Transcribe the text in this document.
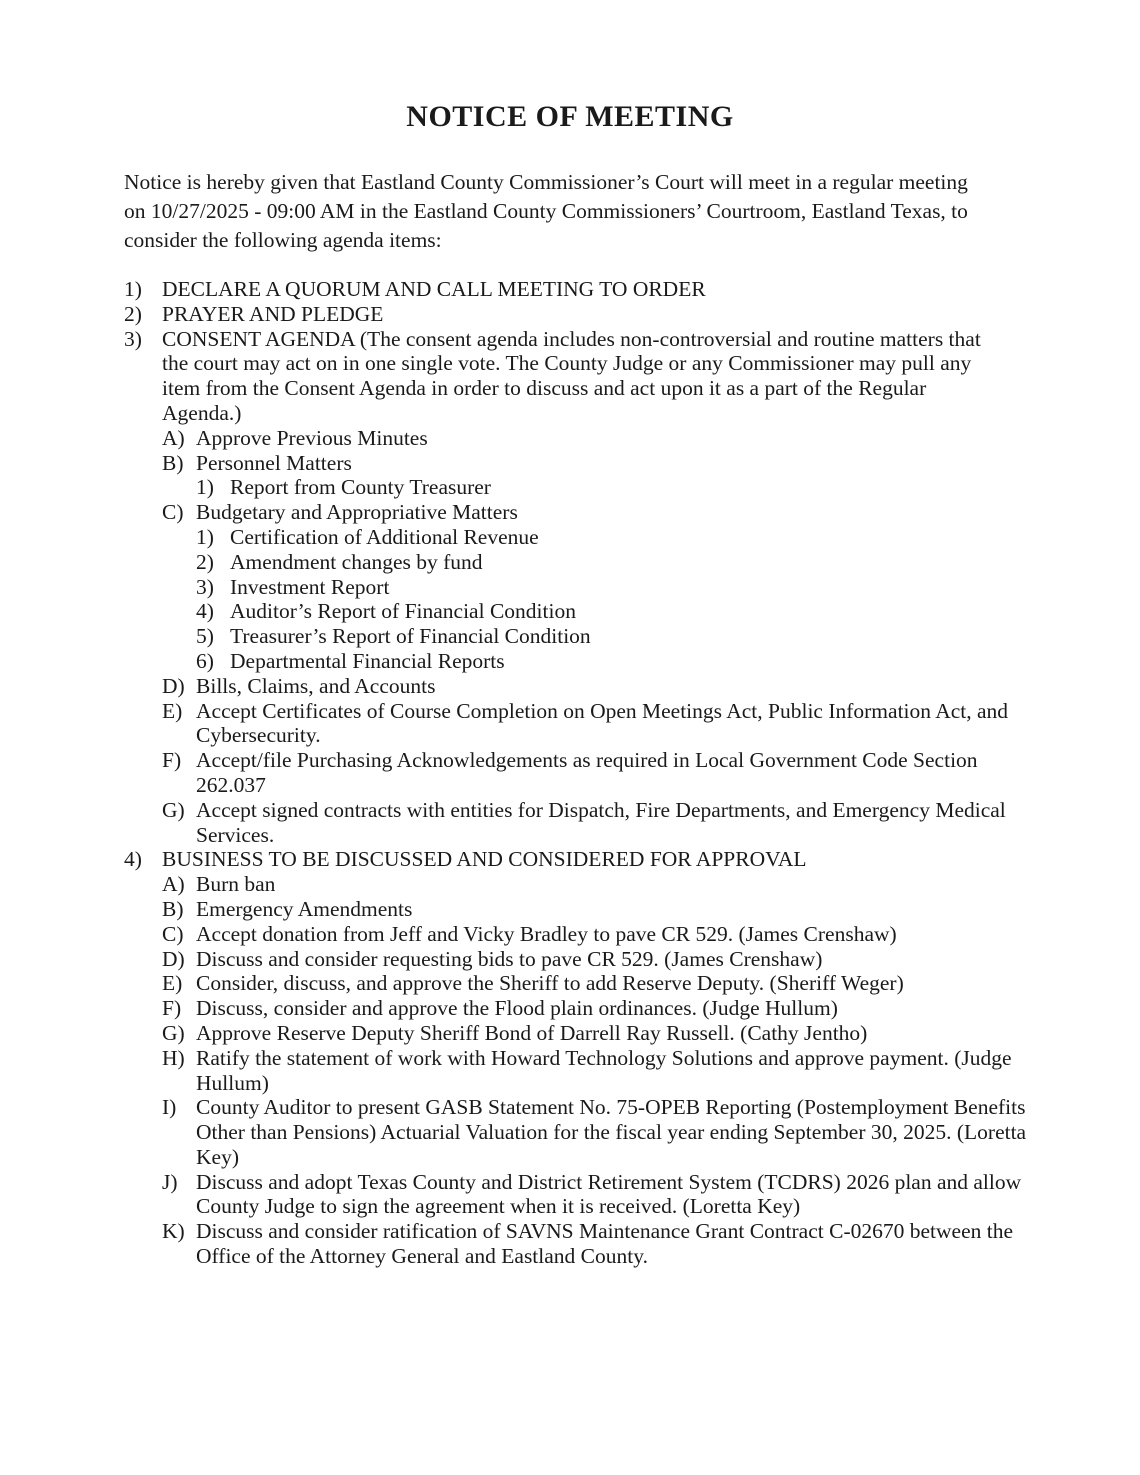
NOTICE OF MEETING
Notice is hereby given that Eastland County Commissioner’s Court will meet in a regular meeting on 10/27/2025 - 09:00 AM in the Eastland County Commissioners’ Courtroom, Eastland Texas, to consider the following agenda items:
1) DECLARE A QUORUM AND CALL MEETING TO ORDER
2) PRAYER AND PLEDGE
3) CONSENT AGENDA (The consent agenda includes non-controversial and routine matters that the court may act on in one single vote. The County Judge or any Commissioner may pull any item from the Consent Agenda in order to discuss and act upon it as a part of the Regular Agenda.)
A) Approve Previous Minutes
B) Personnel Matters
1) Report from County Treasurer
C) Budgetary and Appropriative Matters
1) Certification of Additional Revenue
2) Amendment changes by fund
3) Investment Report
4) Auditor’s Report of Financial Condition
5) Treasurer’s Report of Financial Condition
6) Departmental Financial Reports
D) Bills, Claims, and Accounts
E) Accept Certificates of Course Completion on Open Meetings Act, Public Information Act, and Cybersecurity.
F) Accept/file Purchasing Acknowledgements as required in Local Government Code Section 262.037
G) Accept signed contracts with entities for Dispatch, Fire Departments, and Emergency Medical Services.
4) BUSINESS TO BE DISCUSSED AND CONSIDERED FOR APPROVAL
A) Burn ban
B) Emergency Amendments
C) Accept donation from Jeff and Vicky Bradley to pave CR 529. (James Crenshaw)
D) Discuss and consider requesting bids to pave CR 529. (James Crenshaw)
E) Consider, discuss, and approve the Sheriff to add Reserve Deputy. (Sheriff Weger)
F) Discuss, consider and approve the Flood plain ordinances. (Judge Hullum)
G) Approve Reserve Deputy Sheriff Bond of Darrell Ray Russell. (Cathy Jentho)
H) Ratify the statement of work with Howard Technology Solutions and approve payment. (Judge Hullum)
I) County Auditor to present GASB Statement No. 75-OPEB Reporting (Postemployment Benefits Other than Pensions) Actuarial Valuation for the fiscal year ending September 30, 2025. (Loretta Key)
J) Discuss and adopt Texas County and District Retirement System (TCDRS) 2026 plan and allow County Judge to sign the agreement when it is received. (Loretta Key)
K) Discuss and consider ratification of SAVNS Maintenance Grant Contract C-02670 between the Office of the Attorney General and Eastland County.
